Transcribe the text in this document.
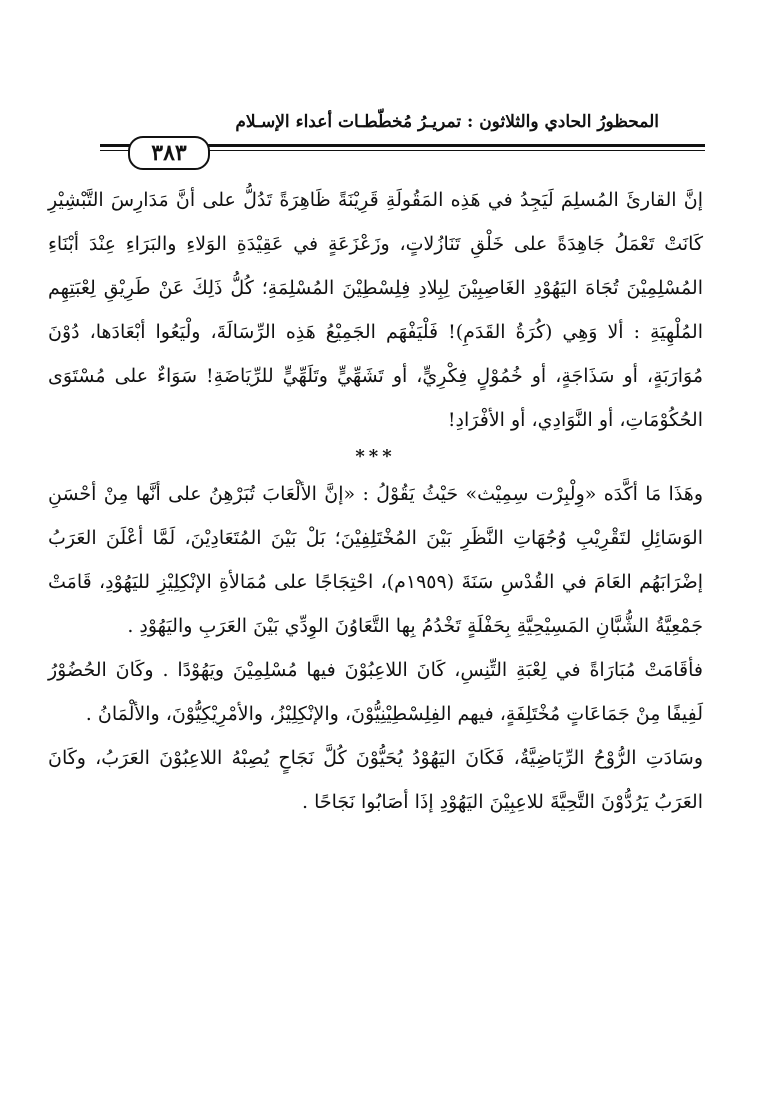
المحظورُ الحادي والثلاثون : تمريـرُ مُخطّطـات أعداء الإسـلام
٣٨٣

إنَّ القارئَ المُسلِمَ لَيَجِدُ في هَذِه المَقُولَةِ قَرِيْنَةً ظَاهِرَةً تَدُلُّ على أنَّ مَدَارِسَ التَّبْشِيْرِ كَانَتْ تَعْمَلُ جَاهِدَةً على خَلْقِ تَنَازُلاتٍ، وزَعْزَعَةٍ في عَقِيْدَةِ الوَلاءِ والبَرَاءِ عِنْدَ أبْنَاءِ المُسْلِمِيْنَ تُجَاهَ اليَهُوْدِ الغَاصِبِيْنَ لِبِلادِ فِلِسْطِيْنَ المُسْلِمَةِ؛ كُلُّ ذَلِكَ عَنْ طَرِيْقِ لِعْبَتِهِم المُلْهِيَةِ : ألا وَهِي (كُرَةُ القَدَمِ)! فَلْيَفْهَم الجَمِيْعُ هَذِه الرِّسَالَةَ، ولْيَعُوا أبْعَادَها، دُوْنَ مُوَارَبَةٍ، أو سَذَاجَةٍ، أو خُمُوْلٍ فِكْرِيٍّ، أو تَشَهِّيٍّ وتَلَهِّيٍّ للرِّيَاضَةِ! سَوَاءٌ على مُسْتَوَى الحُكُوْمَاتِ، أو النَّوَادِي، أو الأفْرَادِ!

***

وهَذَا مَا أكَّدَه «وِلْبِرْت سِمِيْث» حَيْثُ يَقُوْلُ : «إنَّ الألْعَابَ تُبَرْهِنُ على أنَّها مِنْ أحْسَنِ الوَسَائِلِ لتَقْرِيْبِ وُجُهَاتِ النَّظَرِ بَيْنَ المُخْتَلِفِيْنَ؛ بَلْ بَيْنَ المُتَعَادِيْنَ، لَمَّا أعْلَنَ العَرَبُ إضْرَابَهُم العَامَ في القُدْسِ سَنَةَ (١٩٥٩م)، احْتِجَاجًا على مُمَالأةِ الإنْكِلِيْزِ لليَهُوْدِ، قَامَتْ جَمْعِيَّةُ الشُّبَّانِ المَسِيْحِيَّةِ بِحَفْلَةٍ تَخْدُمُ بِها التَّعَاوُنَ الوِدِّي بَيْنَ العَرَبِ واليَهُوْدِ .

فأقَامَتْ مُبَارَاةً في لِعْبَةِ التِّنِسِ، كَانَ اللاعِبُوْنَ فيها مُسْلِمِيْنَ ويَهُوْدًا . وكَانَ الحُضُوْرُ لَفِيفًا مِنْ جَمَاعَاتٍ مُخْتَلِفَةٍ، فيهم الفِلِسْطِيْنِيُّوْنَ، والإنْكِلِيْزُ، والأمْرِيْكِيُّوْنَ، والألْمَانُ .

وسَادَتِ الرُّوْحُ الرِّيَاضِيَّةُ، فَكَانَ اليَهُوْدُ يُحَيُّوْنَ كُلَّ نَجَاحٍ يُصِبْهُ اللاعِبُوْنَ العَرَبُ، وكَانَ العَرَبُ يَرُدُّوْنَ التَّحِيَّةَ للاعِبِيْنَ اليَهُوْدِ إذَا أصَابُوا نَجَاحًا .
